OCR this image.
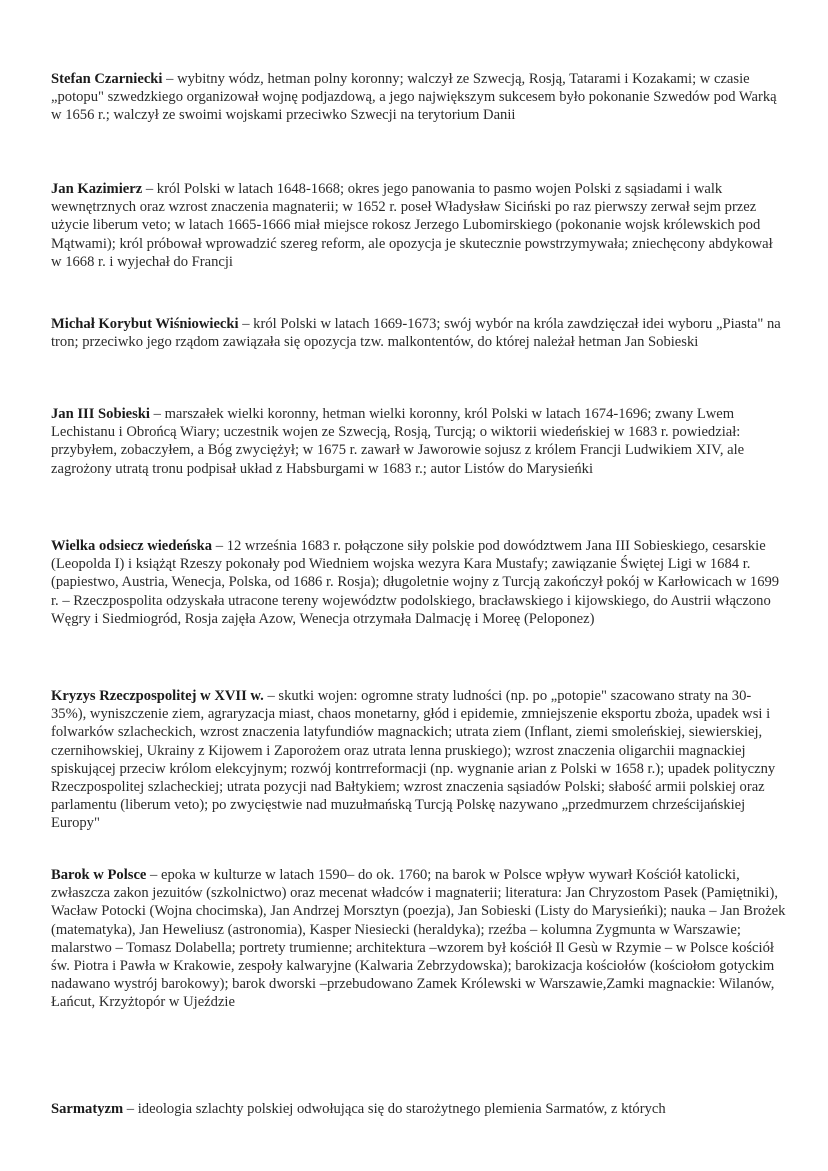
Stefan Czarniecki – wybitny wódz, hetman polny koronny; walczył ze Szwecją, Rosją, Tatarami i Kozakami; w czasie „potopu" szwedzkiego organizował wojnę podjazdową, a jego największym sukcesem było pokonanie Szwedów pod Warką w 1656 r.; walczył ze swoimi wojskami przeciwko Szwecji na terytorium Danii

Jan Kazimierz – król Polski w latach 1648-1668; okres jego panowania to pasmo wojen Polski z sąsiadami i walk wewnętrznych oraz wzrost znaczenia magnaterii; w 1652 r. poseł Władysław Siciński po raz pierwszy zerwał sejm przez użycie liberum veto; w latach 1665-1666 miał miejsce rokosz Jerzego Lubomirskiego (pokonanie wojsk królewskich pod Mątwami); król próbował wprowadzić szereg reform, ale opozycja je skutecznie powstrzymywała; zniechęcony abdykował w 1668 r. i wyjechał do Francji

Michał Korybut Wiśniowiecki – król Polski w latach 1669-1673; swój wybór na króla zawdzięczał idei wyboru „Piasta" na tron; przeciwko jego rządom zawiązała się opozycja tzw. malkontentów, do której należał hetman Jan Sobieski

Jan III Sobieski – marszałek wielki koronny, hetman wielki koronny, król Polski w latach 1674-1696; zwany Lwem Lechistanu i Obrońcą Wiary; uczestnik wojen ze Szwecją, Rosją, Turcją; o wiktorii wiedeńskiej w 1683 r. powiedział: przybyłem, zobaczyłem, a Bóg zwyciężył; w 1675 r. zawarł w Jaworowie sojusz z królem Francji Ludwikiem XIV, ale zagrożony utratą tronu podpisał układ z Habsburgami w 1683 r.; autor Listów do Marysieńki

Wielka odsiecz wiedeńska – 12 września 1683 r. połączone siły polskie pod dowództwem Jana III Sobieskiego, cesarskie (Leopolda I) i książąt Rzeszy pokonały pod Wiedniem wojska wezyra Kara Mustafy; zawiązanie Świętej Ligi w 1684 r. (papiestwo, Austria, Wenecja, Polska, od 1686 r. Rosja); długoletnie wojny z Turcją zakończył pokój w Karłowicach w 1699 r. – Rzeczpospolita odzyskała utracone tereny województw podolskiego, bracławskiego i kijowskiego, do Austrii włączono Węgry i Siedmiogród, Rosja zajęła Azow, Wenecja otrzymała Dalmację i Moreę (Peloponez)

Kryzys Rzeczpospolitej w XVII w. – skutki wojen: ogromne straty ludności (np. po „potopie" szacowano straty na 30-35%), wyniszczenie ziem, agraryzacja miast, chaos monetarny, głód i epidemie, zmniejszenie eksportu zboża, upadek wsi i folwarków szlacheckich, wzrost znaczenia latyfundiów magnackich; utrata ziem (Inflant, ziemi smoleńskiej, siewierskiej, czernihowskiej, Ukrainy z Kijowem i Zaporożem oraz utrata lenna pruskiego); wzrost znaczenia oligarchii magnackiej spiskującej przeciw królom elekcyjnym; rozwój kontrreformacji (np. wygnanie arian z Polski w 1658 r.); upadek polityczny Rzeczpospolitej szlacheckiej; utrata pozycji nad Bałtykiem; wzrost znaczenia sąsiadów Polski; słabość armii polskiej oraz parlamentu (liberum veto); po zwycięstwie nad muzułmańską Turcją Polskę nazywano „przedmurzem chrześcijańskiej Europy"

Barok w Polsce – epoka w kulturze w latach 1590– do ok. 1760; na barok w Polsce wpływ wywarł Kościół katolicki, zwłaszcza zakon jezuitów (szkolnictwo) oraz mecenat władców i magnaterii; literatura: Jan Chryzostom Pasek (Pamiętniki), Wacław Potocki (Wojna chocimska), Jan Andrzej Morsztyn (poezja), Jan Sobieski (Listy do Marysieńki); nauka – Jan Brożek (matematyka), Jan Heweliusz (astronomia), Kasper Niesiecki (heraldyka); rzeźba – kolumna Zygmunta w Warszawie; malarstwo – Tomasz Dolabella; portrety trumienne; architektura –wzorem był kościół Il Gesù w Rzymie – w Polsce kościół św. Piotra i Pawła w Krakowie, zespoły kalwaryjne (Kalwaria Zebrzydowska); barokizacja kościołów (kościołom gotyckim nadawano wystrój barokowy); barok dworski –przebudowano Zamek Królewski w Warszawie,Zamki magnackie: Wilanów, Łańcut, Krzyżtopór w Ujeździe

Sarmatyzm – ideologia szlachty polskiej odwołująca się do starożytnego plemienia Sarmatów, z których
